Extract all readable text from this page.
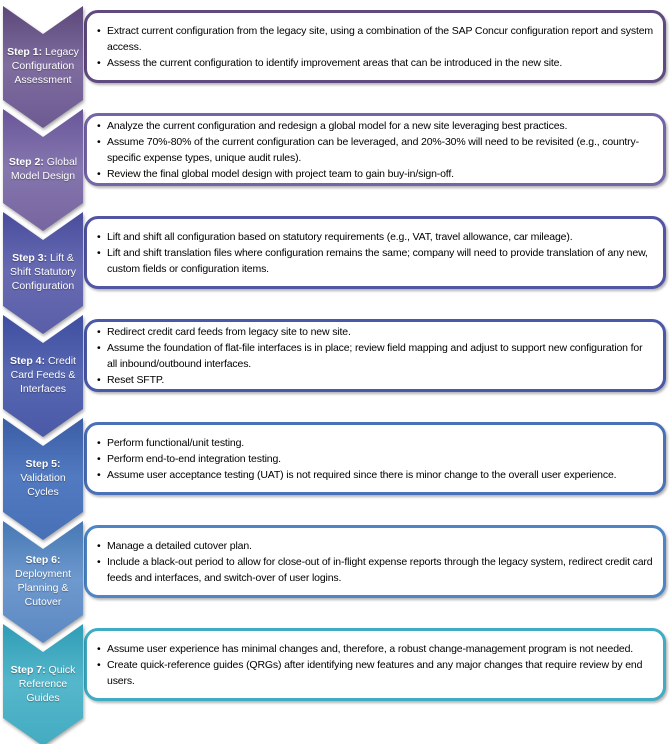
Step 1: Legacy Configuration Assessment
• Extract current configuration from the legacy site, using a combination of the SAP Concur configuration report and system access.
• Assess the current configuration to identify improvement areas that can be introduced in the new site.
Step 2: Global Model Design
• Analyze the current configuration and redesign a global model for a new site leveraging best practices.
• Assume 70%-80% of the current configuration can be leveraged, and 20%-30% will need to be revisited (e.g., country-specific expense types, unique audit rules).
• Review the final global model design with project team to gain buy-in/sign-off.
Step 3: Lift & Shift Statutory Configuration
• Lift and shift all configuration based on statutory requirements (e.g., VAT, travel allowance, car mileage).
• Lift and shift translation files where configuration remains the same; company will need to provide translation of any new, custom fields or configuration items.
Step 4: Credit Card Feeds & Interfaces
• Redirect credit card feeds from legacy site to new site.
• Assume the foundation of flat-file interfaces is in place; review field mapping and adjust to support new configuration for all inbound/outbound interfaces.
• Reset SFTP.
Step 5: Validation Cycles
• Perform functional/unit testing.
• Perform end-to-end integration testing.
• Assume user acceptance testing (UAT) is not required since there is minor change to the overall user experience.
Step 6: Deployment Planning & Cutover
• Manage a detailed cutover plan.
• Include a black-out period to allow for close-out of in-flight expense reports through the legacy system, redirect credit card feeds and interfaces, and switch-over of user logins.
Step 7: Quick Reference Guides
• Assume user experience has minimal changes and, therefore, a robust change-management program is not needed.
• Create quick-reference guides (QRGs) after identifying new features and any major changes that require review by end users.
